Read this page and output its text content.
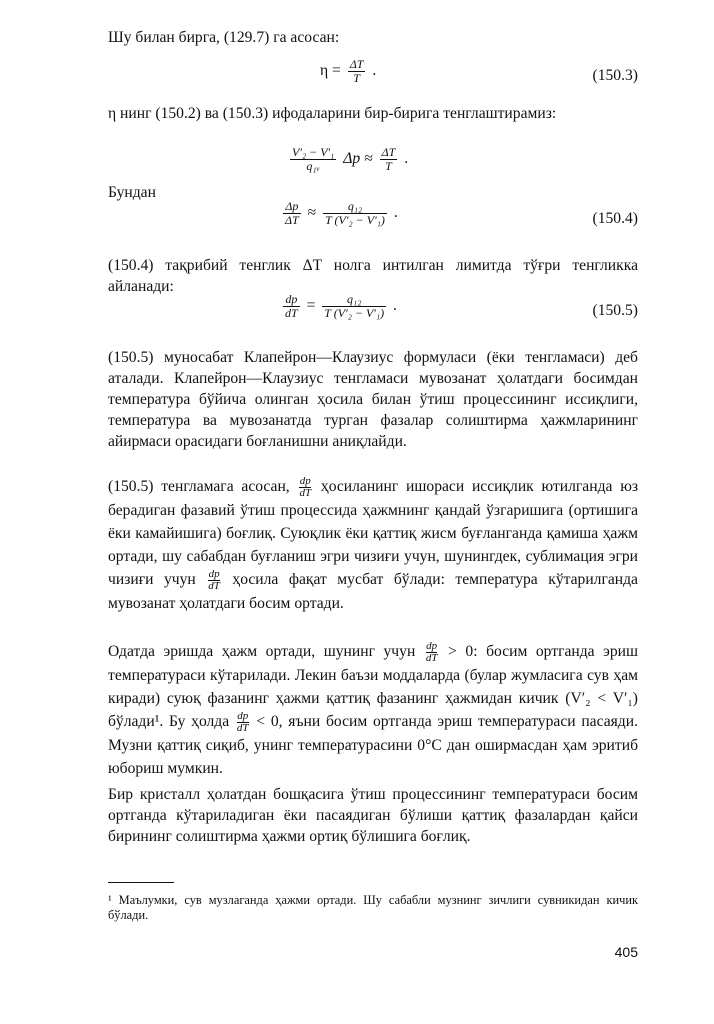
Шу билан бирга, (129.7) га асосан:
$\eta = \frac{\Delta T}{T}$ .	(150.3)
η нинг (150.2) ва (150.3) ифодаларини бир-бирига тенглаштирамиз:
$\frac{\text{V′₂ − V′₁}}{\text{q₁ᵥ}}$ $\Delta p \approx \frac{\Delta T}{T}$ .
Бундан
$\frac{\Delta p}{\Delta T} \approx \frac{\text{q₁₂}}{\text{T (V′₂ − V′₁)}}$ .	(150.4)
(150.4) тақрибий тенглик ΔT нолга интилган лимитда тўғри тенгликка айланади:
$\frac{dp}{dT} = \frac{\text{q₁₂}}{\text{T (V′₂ − V′₁)}}$ .	(150.5)
(150.5) муносабат Клапейрон—Клаузиус формуласи (ёки тенгламаси) деб аталади. Клапейрон—Клаузиус тенгламаси мувозанат ҳолатдаги босимдан температура бўйича олинган ҳосила билан ўтиш процессининг иссиқлиги, температура ва мувозанатда турган фазалар солиштирма ҳажмларининг айирмаси орасидаги боғланишни аниқлайди.
(150.5) тенгламага асосан, $\frac{dp}{dT}$ ҳосиланинг ишораси иссиқлик ютилганда юз берадиган фазавий ўтиш процессида ҳажмнинг қандай ўзгаришига (ортишига ёки камайишига) боғлиқ. Суюқлик ёки қаттиқ жисм буғланганда қамиша ҳажм ортади, шу сабабдан буғланиш эгри чизиғи учун, шунингдек, сублимация эгри чизиғи учун $\frac{dp}{dT}$ ҳосила фақат мусбат бўлади: температура кўтарилганда мувозанат ҳолатдаги босим ортади.
Одатда эришда ҳажм ортади, шунинг учун $\frac{dp}{dT} > 0$: босим ортганда эриш температураси кўтарилади. Лекин баъзи моддаларда (булар жумласига сув ҳам киради) суюқ фазанинг ҳажми қаттиқ фазанинг ҳажмидан кичик (V′₂ < V′₁) бўлади¹. Бу ҳолда $\frac{dp}{dT} < 0$, яъни босим ортганда эриш температураси пасаяди. Музни қаттиқ сиқиб, унинг температурасини 0°С дан оширмасдан ҳам эритиб юбориш мумкин.
Бир кристалл ҳолатдан бошқасига ўтиш процессининг температураси босим ортганда кўтариладиган ёки пасаядиган бўлиши қаттиқ фазалардан қайси бирининг солиштирма ҳажми ортиқ бўлишига боғлиқ.
¹ Маълумки, сув музлаганда ҳажми ортади. Шу сабабли музнинг зичлиги сувникидан кичик бўлади.
405
